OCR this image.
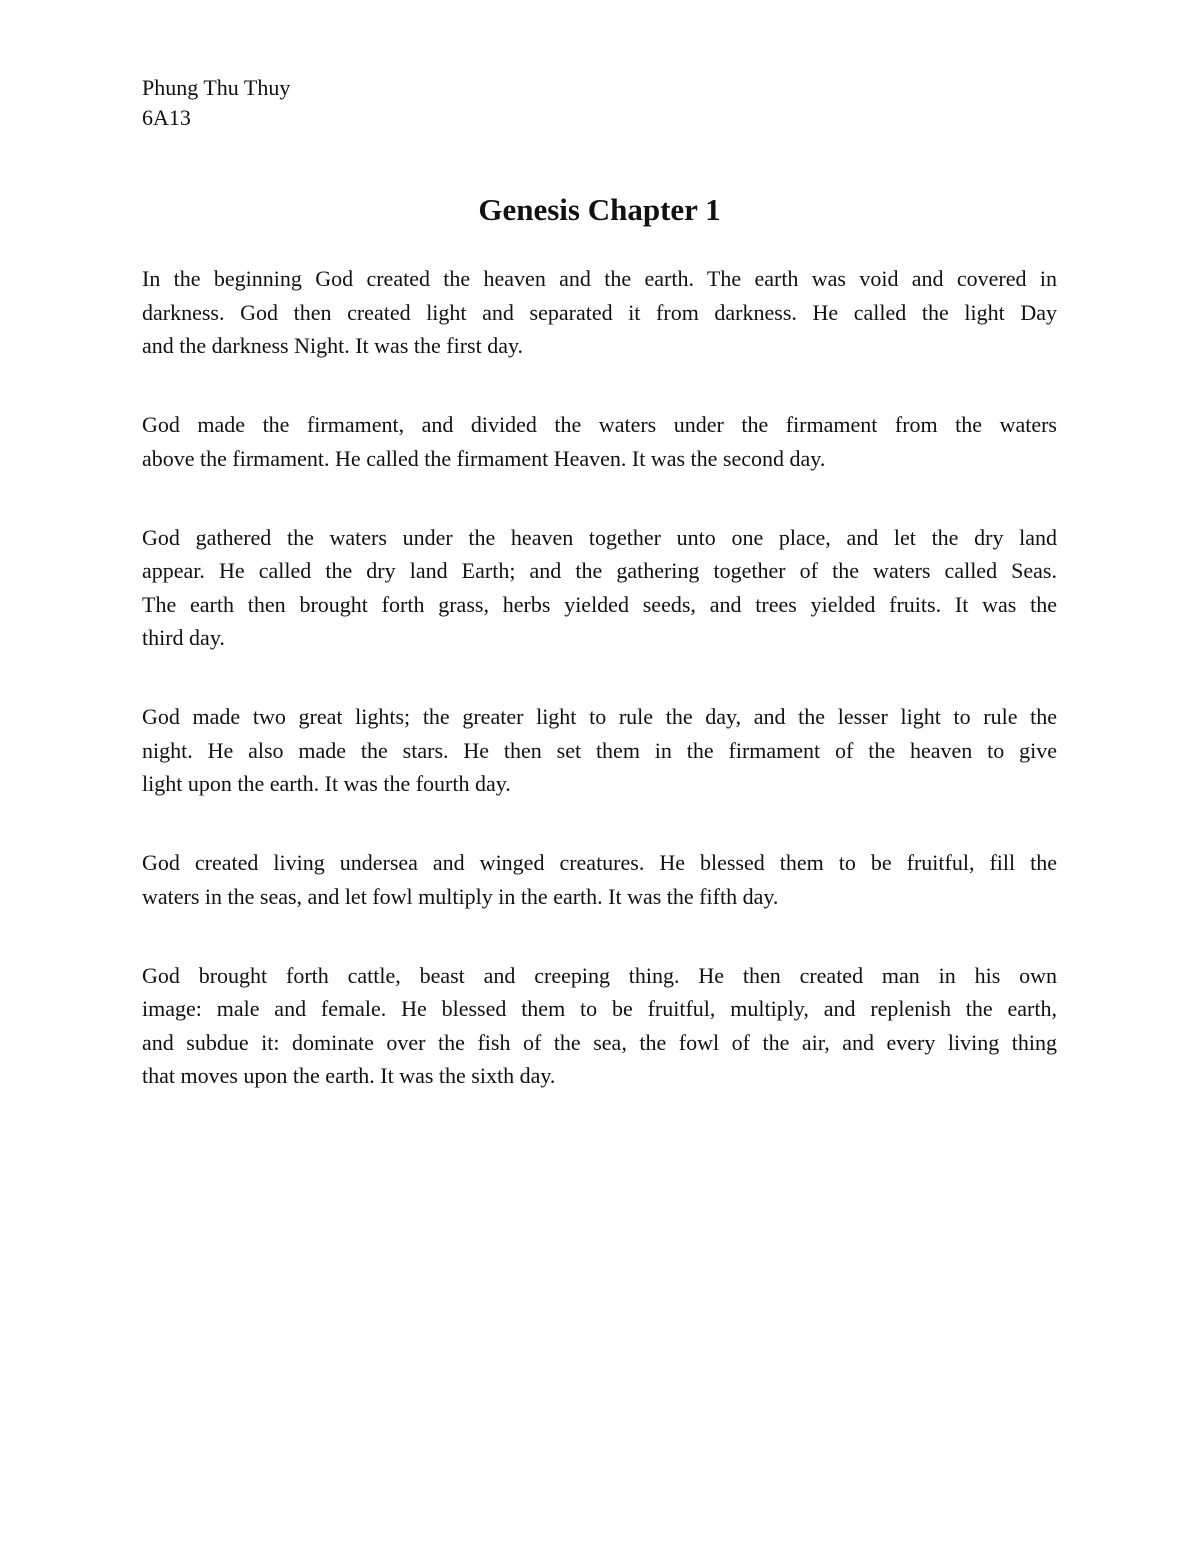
Phung Thu Thuy
6A13
Genesis Chapter 1
In the beginning God created the heaven and the earth. The earth was void and covered in
darkness. God then created light and separated it from darkness. He called the light Day
and the darkness Night. It was the first day.
God made the firmament, and divided the waters under the firmament from the waters
above the firmament. He called the firmament Heaven. It was the second day.
God gathered the waters under the heaven together unto one place, and let the dry land
appear. He called the dry land Earth; and the gathering together of the waters called Seas.
The earth then brought forth grass, herbs yielded seeds, and trees yielded fruits. It was the
third day.
God made two great lights; the greater light to rule the day, and the lesser light to rule the
night. He also made the stars. He then set them in the firmament of the heaven to give
light upon the earth. It was the fourth day.
God created living undersea and winged creatures. He blessed them to be fruitful, fill the
waters in the seas, and let fowl multiply in the earth. It was the fifth day.
God brought forth cattle, beast and creeping thing. He then created man in his own
image: male and female. He blessed them to be fruitful, multiply, and replenish the earth,
and subdue it: dominate over the fish of the sea, the fowl of the air, and every living thing
that moves upon the earth. It was the sixth day.
